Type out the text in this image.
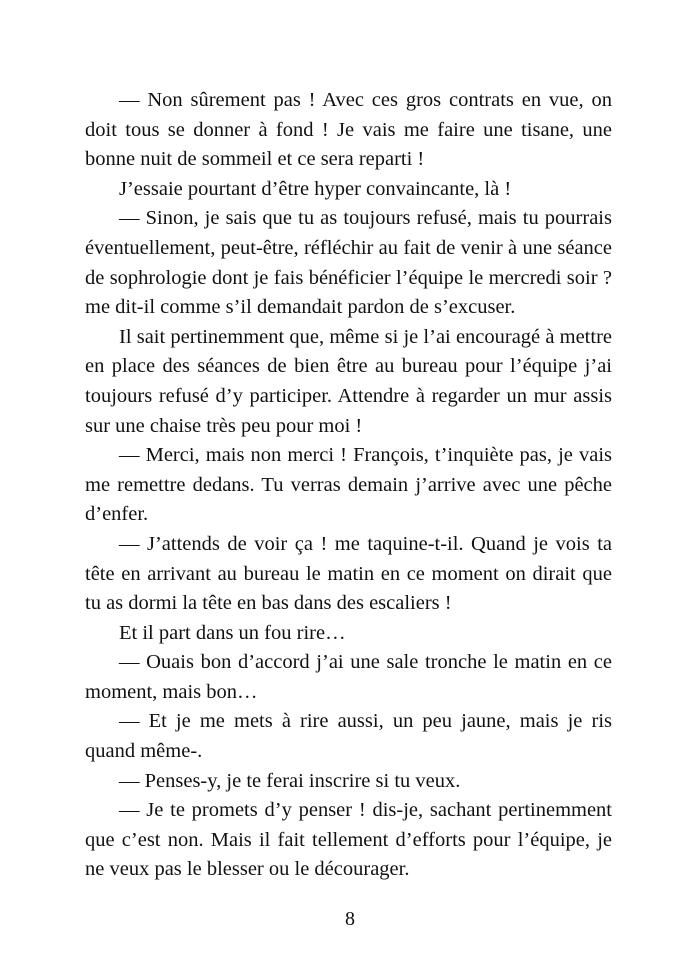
— Non sûrement pas ! Avec ces gros contrats en vue, on doit tous se donner à fond ! Je vais me faire une tisane, une bonne nuit de sommeil et ce sera reparti !

J’essaie pourtant d’être hyper convaincante, là !

— Sinon, je sais que tu as toujours refusé, mais tu pourrais éventuellement, peut-être, réfléchir au fait de venir à une séance de sophrologie dont je fais bénéficier l’équipe le mercredi soir ? me dit-il comme s’il demandait pardon de s’excuser.

Il sait pertinemment que, même si je l’ai encouragé à mettre en place des séances de bien être au bureau pour l’équipe j’ai toujours refusé d’y participer. Attendre à regarder un mur assis sur une chaise très peu pour moi !

— Merci, mais non merci ! François, t’inquiète pas, je vais me remettre dedans. Tu verras demain j’arrive avec une pêche d’enfer.

— J’attends de voir ça ! me taquine-t-il. Quand je vois ta tête en arrivant au bureau le matin en ce moment on dirait que tu as dormi la tête en bas dans des escaliers !

Et il part dans un fou rire…

— Ouais bon d’accord j’ai une sale tronche le matin en ce moment, mais bon…

— Et je me mets à rire aussi, un peu jaune, mais je ris quand même-.

— Penses-y, je te ferai inscrire si tu veux.

— Je te promets d’y penser ! dis-je, sachant pertinemment que c’est non. Mais il fait tellement d’efforts pour l’équipe, je ne veux pas le blesser ou le décourager.

8
